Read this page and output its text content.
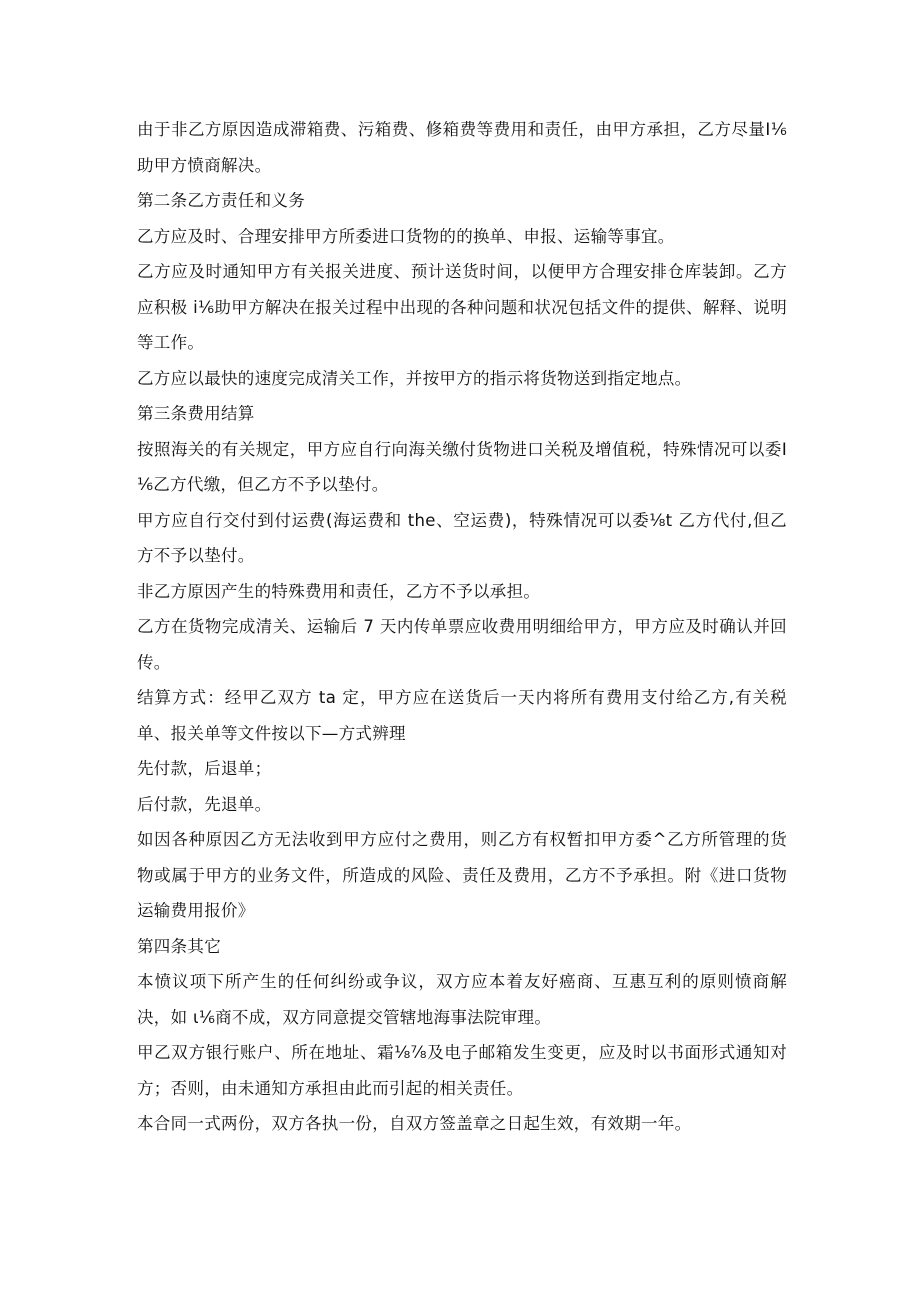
由于非乙方原因造成滞箱费、污箱费、修箱费等费用和责任，由甲方承担，乙方尽量Ⅰ⅙助甲方愤商解决。

第二条乙方责任和义务

乙方应及时、合理安排甲方所委进口货物的的换单、申报、运输等事宜。

乙方应及时通知甲方有关报关进度、预计送货时间，以便甲方合理安排仓库装卸。乙方应积极 i⅙助甲方解决在报关过程中出现的各种问题和状况包括文件的提供、解释、说明等工作。

乙方应以最快的速度完成清关工作，并按甲方的指示将货物送到指定地点。

第三条费用结算

按照海关的有关规定，甲方应自行向海关缴付货物进口关税及增值税，特殊情况可以委Ⅰ⅙乙方代缴，但乙方不予以垫付。

甲方应自行交付到付运费(海运费和 the、空运费)，特殊情况可以委⅛t 乙方代付,但乙方不予以垫付。

非乙方原因产生的特殊费用和责任，乙方不予以承担。

乙方在货物完成清关、运输后 7 天内传单票应收费用明细给甲方，甲方应及时确认并回传。

结算方式：经甲乙双方 ta 定，甲方应在送货后一天内将所有费用支付给乙方,有关税单、报关单等文件按以下—方式辨理

先付款，后退单；

后付款，先退单。

如因各种原因乙方无法收到甲方应付之费用，则乙方有权暂扣甲方委^乙方所管理的货物或属于甲方的业务文件，所造成的风险、责任及费用，乙方不予承担。附《进口货物运输费用报价》

第四条其它

本愤议项下所产生的任何纠纷或争议，双方应本着友好癌商、互惠互利的原则愤商解决，如 ι⅙商不成，双方同意提交管辖地海事法院审理。

甲乙双方银行账户、所在地址、霜⅛⅞及电子邮箱发生变更，应及时以书面形式通知对方；否则，由未通知方承担由此而引起的相关责任。

本合同一式两份，双方各执一份，自双方签盖章之日起生效，有效期一年。
